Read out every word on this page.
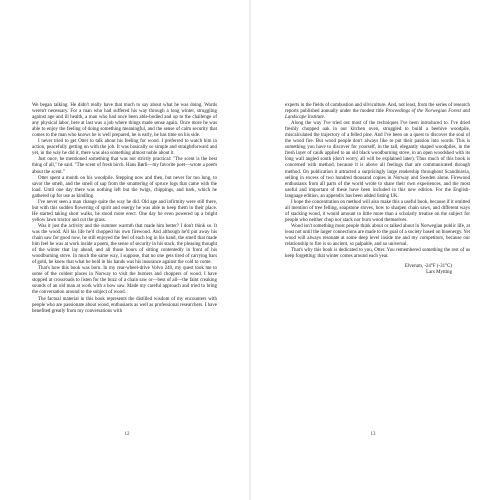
We began talking. He didn't really have that much to say about what he was doing. Words weren't necessary. For a man who had suffered his way through a long winter, struggling against age and ill health, a man who had once been able-bodied and up to the challenge of any physical labor, here at last was a job where things made sense again. Once more he was able to enjoy the feeling of doing something meaningful, and the sense of calm security that comes to the man who knows he is well prepared, he is early, he has time on his side.

I never tried to get Otter to talk about his feeling for wood. I preferred to watch him in action, peacefully getting on with the job. It was basically so simple and straightforward and yet, in the way he did it, there was also something almost noble about it.

Just once, he mentioned something that was not strictly practical: "The scent is the best thing of all," he said. "The scent of fresh birch. Hans Børli—my favorite poet—wrote a poem about the scent."

Otter spent a month on his woodpile. Stepping now and then, but never for too long, to savor the smell, and the smell of sap from the smattering of spruce logs that came with the load. Until one day there was nothing left but the twigs, chippings, and bark, which he gathered up for use as kindling.

I've never seen a man change quite the way he did. Old age and infirmity were still there, but with this sudden flowering of spirit and energy he was able to keep them in their place. He started taking short walks, he stood more erect. One day he even powered up a bright yellow lawn tractor and cut the grass.

Was it just the activity and the summer warmth that made him better? I don't think so. It was the wood. All his life he'd chopped his own firewood. And although he'd put away his chain saw for good now, he still enjoyed the feel of each log in his hand, the smell that made him feel he was at work inside a poem, the sense of security in his stack, the pleasing thought of the winter that lay ahead, and all those hours of sitting contentedly in front of his woodburning stove. In much the same way, I suppose, that no one gets tired of carrying bars of gold, he knew that what he held in his hands was his insurance against the cold to come.

That's how this book was born. In my rear-wheel-drive Volvo 240, my quest took me to some of the coldest places in Norway to visit the burners and choppers of wood. I have stopped at crossroads to listen for the buzz of a chain saw or—best of all—the faint creaking sounds of an old man at work with a bow saw. Made my careful approach and tried to bring the conversation around to the subject of wood.

The factual material in this book represents the distilled wisdom of my encounters with people who are passionate about wood, enthusiasts as well as professional researchers. I have benefited greatly from my conversations with

12

experts in the fields of combustion and silviculture. And, not least, from the series of research reports published annually under the modest title Proceedings of the Norwegian Forest and Landscape Institute.

Along the way I've tried out most of the techniques I've been introduced to. I've dried freshly chopped oak in our kitchen oven, struggled to build a beehive woodpile, miscalculated the trajectory of a felled pine. And I've been on a quest to discover the soul of the wood fire. But wood people don't always like to put their passion into words. This is something you have to discover for yourself, in the tall, elegantly shaped woodpiles, in the fresh layer of caulk applied to an old black woodburning stove, in an open woodshed with its long wall angled south (don't worry, all will be explained later). Thus much of this book is concerned with method, because it is above all feelings that are communicated through method. On publication it attracted a surprisingly large readership throughout Scandinavia, selling in excess of two hundred thousand copies in Norway and Sweden alone. Firewood enthusiasts from all parts of the world wrote to share their own experiences, and the most useful and important of these have been included in this new edition. For the English-language edition, an appendix has been added listing UK.

I hope the concentration on method will also make this a useful book, because if it omitted all mention of tree felling, soapstone stoves, how to sharpen chain saws, and different ways of stacking wood, it would amount to little more than a scholarly treatise on the subject for people who neither chop nor stack nor burn wood themselves.

Wood isn't something most people think about or talked about in Norwegian public life, at least not until the larger connections are made to the goal of a society based on bioenergy. Yet wood will always resonate at some deep level inside me and my competitors, because our relationship to fire is so ancient, so palpable, and so universal.

That's why this book is dedicated to you, Otter. You remembered something the rest of us keep forgetting: that winter comes around each year.

Elverum, -24°F (-31°C)
Lars Mytting
13
